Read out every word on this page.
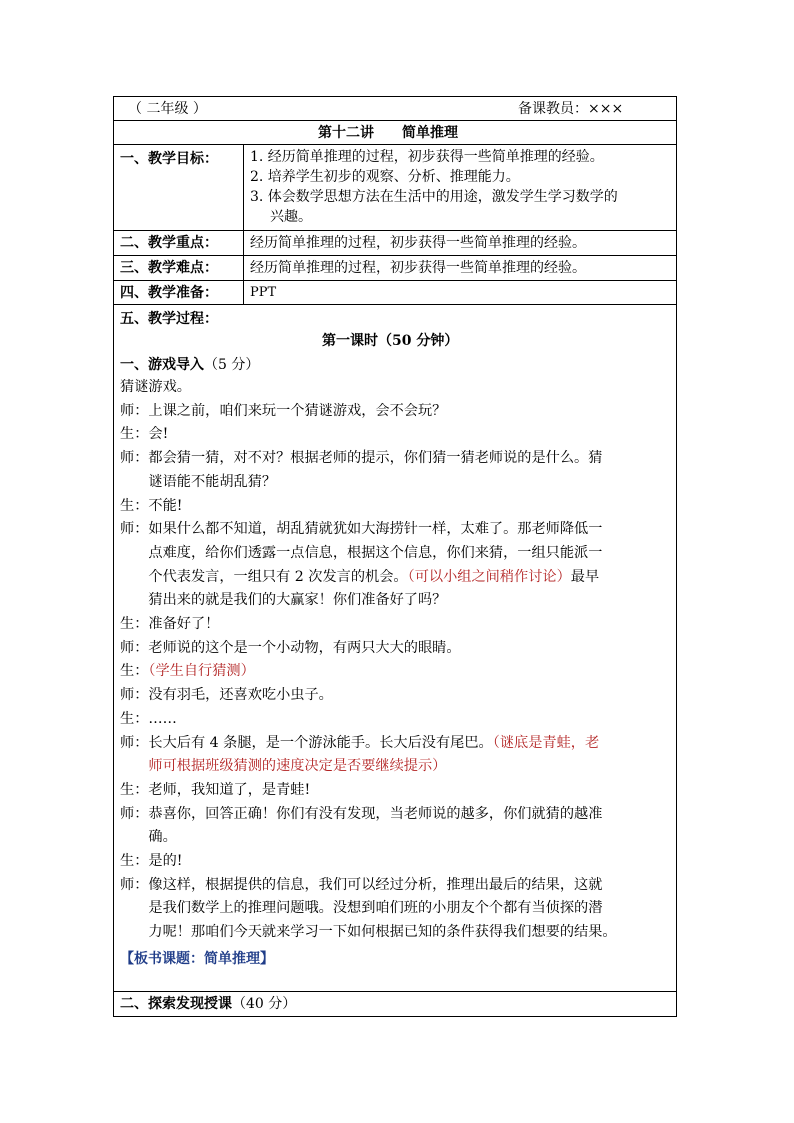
（ 二年级 ）	备课教员：×××
第十二讲　　简单推理
一、教学目标： 1. 经历简单推理的过程，初步获得一些简单推理的经验。
2. 培养学生初步的观察、分析、推理能力。
3. 体会数学思想方法在生活中的用途，激发学生学习数学的
兴趣。
二、教学重点： 经历简单推理的过程，初步获得一些简单推理的经验。
三、教学难点： 经历简单推理的过程，初步获得一些简单推理的经验。
四、教学准备： PPT
五、教学过程：
第一课时（50 分钟）
一、游戏导入（5 分）
猜谜游戏。
师：上课之前，咱们来玩一个猜谜游戏，会不会玩？
生：会!
师：都会猜一猜，对不对？根据老师的提示，你们猜一猜老师说的是什么。猜
　　谜语能不能胡乱猜？
生：不能!
师：如果什么都不知道，胡乱猜就犹如大海捞针一样，太难了。那老师降低一
　　点难度，给你们透露一点信息，根据这个信息，你们来猜，一组只能派一
　　个代表发言，一组只有 2 次发言的机会。（可以小组之间稍作讨论）最早
　　猜出来的就是我们的大赢家！你们准备好了吗？
生：准备好了！
师：老师说的这个是一个小动物，有两只大大的眼睛。
生：（学生自行猜测）
师：没有羽毛，还喜欢吃小虫子。
生：……
师：长大后有 4 条腿，是一个游泳能手。长大后没有尾巴。（谜底是青蛙，老
　　师可根据班级猜测的速度决定是否要继续提示）
生：老师，我知道了，是青蛙!
师：恭喜你，回答正确！你们有没有发现，当老师说的越多，你们就猜的越准
　　确。
生：是的!
师：像这样，根据提供的信息，我们可以经过分析，推理出最后的结果，这就
　　是我们数学上的推理问题哦。没想到咱们班的小朋友个个都有当侦探的潜
　　力呢！那咱们今天就来学习一下如何根据已知的条件获得我们想要的结果。
【板书课题：简单推理】
二、探索发现授课（40 分）
